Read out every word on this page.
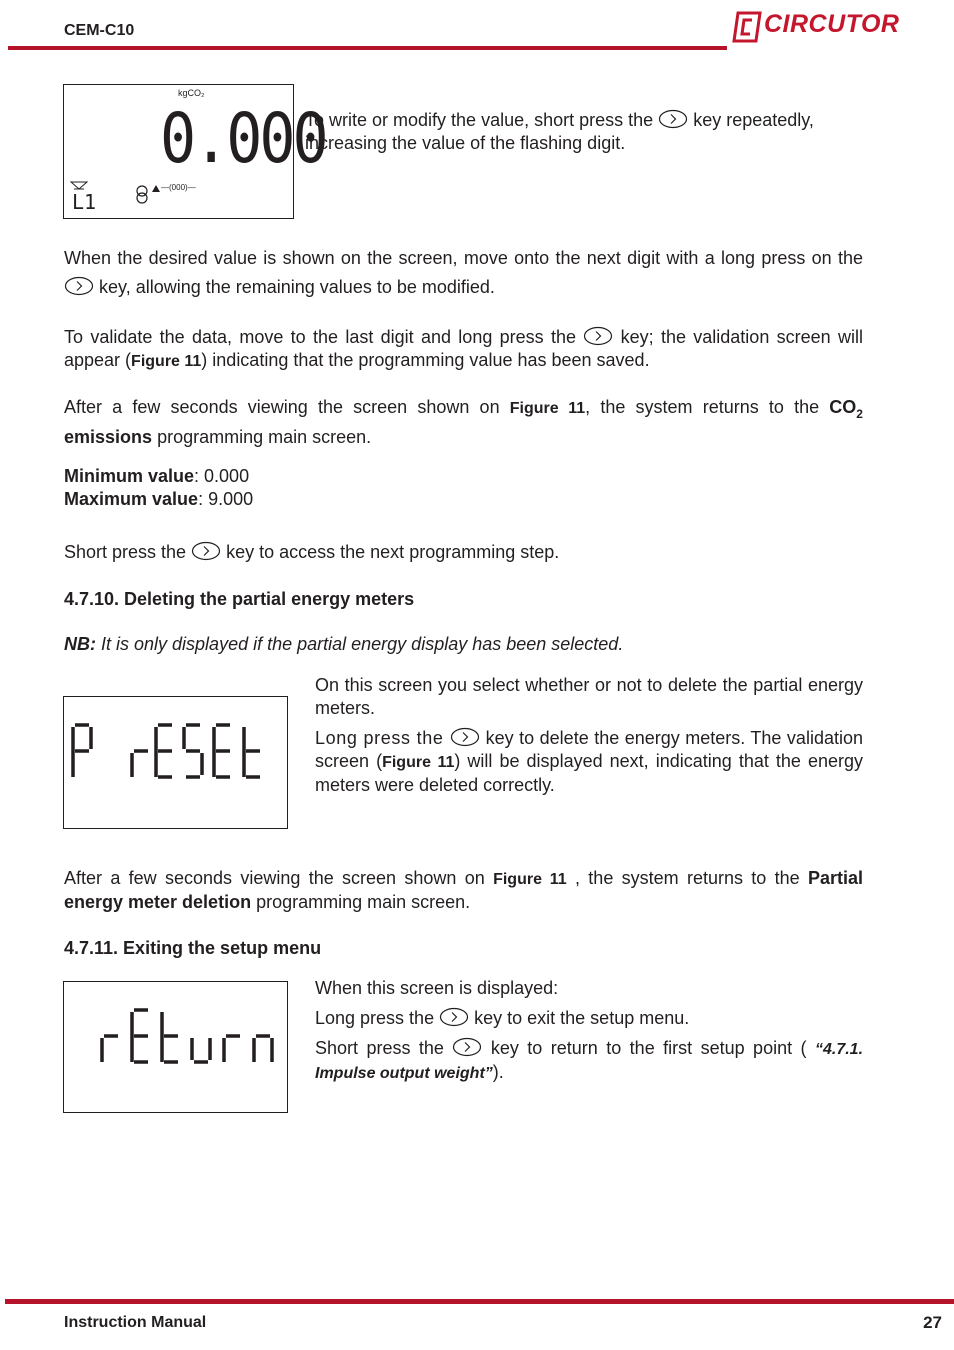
CEM-C10	CIRCUTOR
kgCO₂
0.000
L1
—(000)—

To write or modify the value, short press the key repeatedly, increasing the value of the flashing digit.

When the desired value is shown on the screen, move onto the next digit with a long press on the  key, allowing the remaining values to be modified.

To validate the data, move to the last digit and long press the key; the validation screen will appear (Figure 11) indicating that the programming value has been saved.

After a few seconds viewing the screen shown on Figure 11, the system returns to the $CO_2$ emissions programming main screen.

Minimum value: 0.000
Maximum value: 9.000

Short press the key to access the next programming step.

4.7.10. Deleting the partial energy meters

NB: It is only displayed if the partial energy display has been selected.

On this screen you select whether or not to delete the partial energy meters.

Long press the key to delete the energy meters. The validation screen (Figure 11) will be displayed next, indicating that the energy meters were deleted correctly.

After a few seconds viewing the screen shown on Figure 11 , the system returns to the Partial energy meter deletion programming main screen.

4.7.11. Exiting the setup menu

When this screen is displayed:

Long press the key to exit the setup menu.

Short press the	key to return to the first setup point ( “4.7.1. Impulse output weight”).

Instruction Manual	27
